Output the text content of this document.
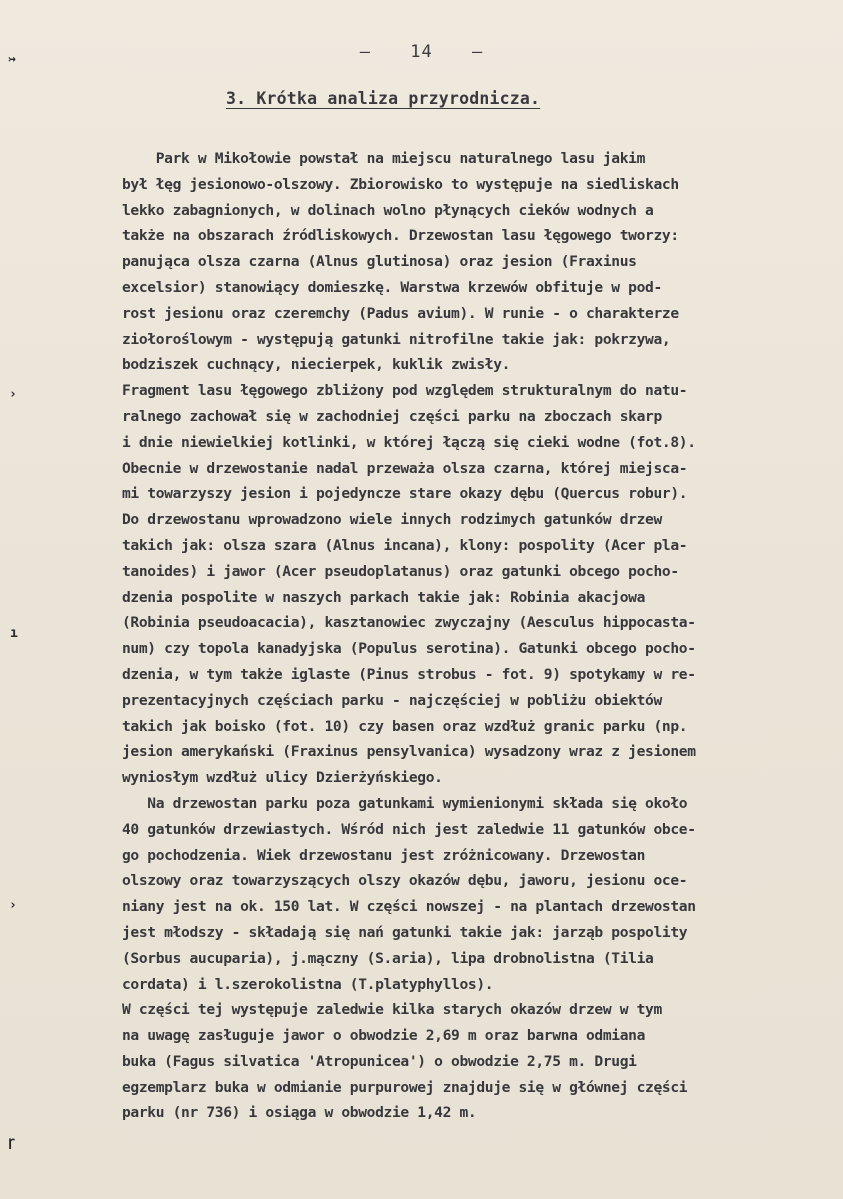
↣
›
ı
›
ɼ
– 14 –
3. Krótka analiza przyrodnicza.
Park w Mikołowie powstał na miejscu naturalnego lasu jakim
był łęg jesionowo-olszowy. Zbiorowisko to występuje na siedliskach
lekko zabagnionych, w dolinach wolno płynących cieków wodnych a
także na obszarach źródliskowych. Drzewostan lasu łęgowego tworzy:
panująca olsza czarna (Alnus glutinosa) oraz jesion (Fraxinus
excelsior) stanowiący domieszkę. Warstwa krzewów obfituje w pod-
rost jesionu oraz czeremchy (Padus avium). W runie - o charakterze
ziołoroślowym - występują gatunki nitrofilne takie jak: pokrzywa,
bodziszek cuchnący, niecierpek, kuklik zwisły.
Fragment lasu łęgowego zbliżony pod względem strukturalnym do natu-
ralnego zachował się w zachodniej części parku na zboczach skarp
i dnie niewielkiej kotlinki, w której łączą się cieki wodne (fot.8).
Obecnie w drzewostanie nadal przeważa olsza czarna, której miejsca-
mi towarzyszy jesion i pojedyncze stare okazy dębu (Quercus robur).
Do drzewostanu wprowadzono wiele innych rodzimych gatunków drzew
takich jak: olsza szara (Alnus incana), klony: pospolity (Acer pla-
tanoides) i jawor (Acer pseudoplatanus) oraz gatunki obcego pocho-
dzenia pospolite w naszych parkach takie jak: Robinia akacjowa
(Robinia pseudoacacia), kasztanowiec zwyczajny (Aesculus hippocasta-
num) czy topola kanadyjska (Populus serotina). Gatunki obcego pocho-
dzenia, w tym także iglaste (Pinus strobus - fot. 9) spotykamy w re-
prezentacyjnych częściach parku - najczęściej w pobliżu obiektów
takich jak boisko (fot. 10) czy basen oraz wzdłuż granic parku (np.
jesion amerykański (Fraxinus pensylvanica) wysadzony wraz z jesionem
wyniosłym wzdłuż ulicy Dzierżyńskiego.
Na drzewostan parku poza gatunkami wymienionymi składa się około
40 gatunków drzewiastych. Wśród nich jest zaledwie 11 gatunków obce-
go pochodzenia. Wiek drzewostanu jest zróżnicowany. Drzewostan
olszowy oraz towarzyszących olszy okazów dębu, jaworu, jesionu oce-
niany jest na ok. 150 lat. W części nowszej - na plantach drzewostan
jest młodszy - składają się nań gatunki takie jak: jarząb pospolity
(Sorbus aucuparia), j.mączny (S.aria), lipa drobnolistna (Tilia
cordata) i l.szerokolistna (T.platyphyllos).
W części tej występuje zaledwie kilka starych okazów drzew w tym
na uwagę zasługuje jawor o obwodzie 2,69 m oraz barwna odmiana
buka (Fagus silvatica 'Atropunicea') o obwodzie 2,75 m. Drugi
egzemplarz buka w odmianie purpurowej znajduje się w głównej części
parku (nr 736) i osiąga w obwodzie 1,42 m.
